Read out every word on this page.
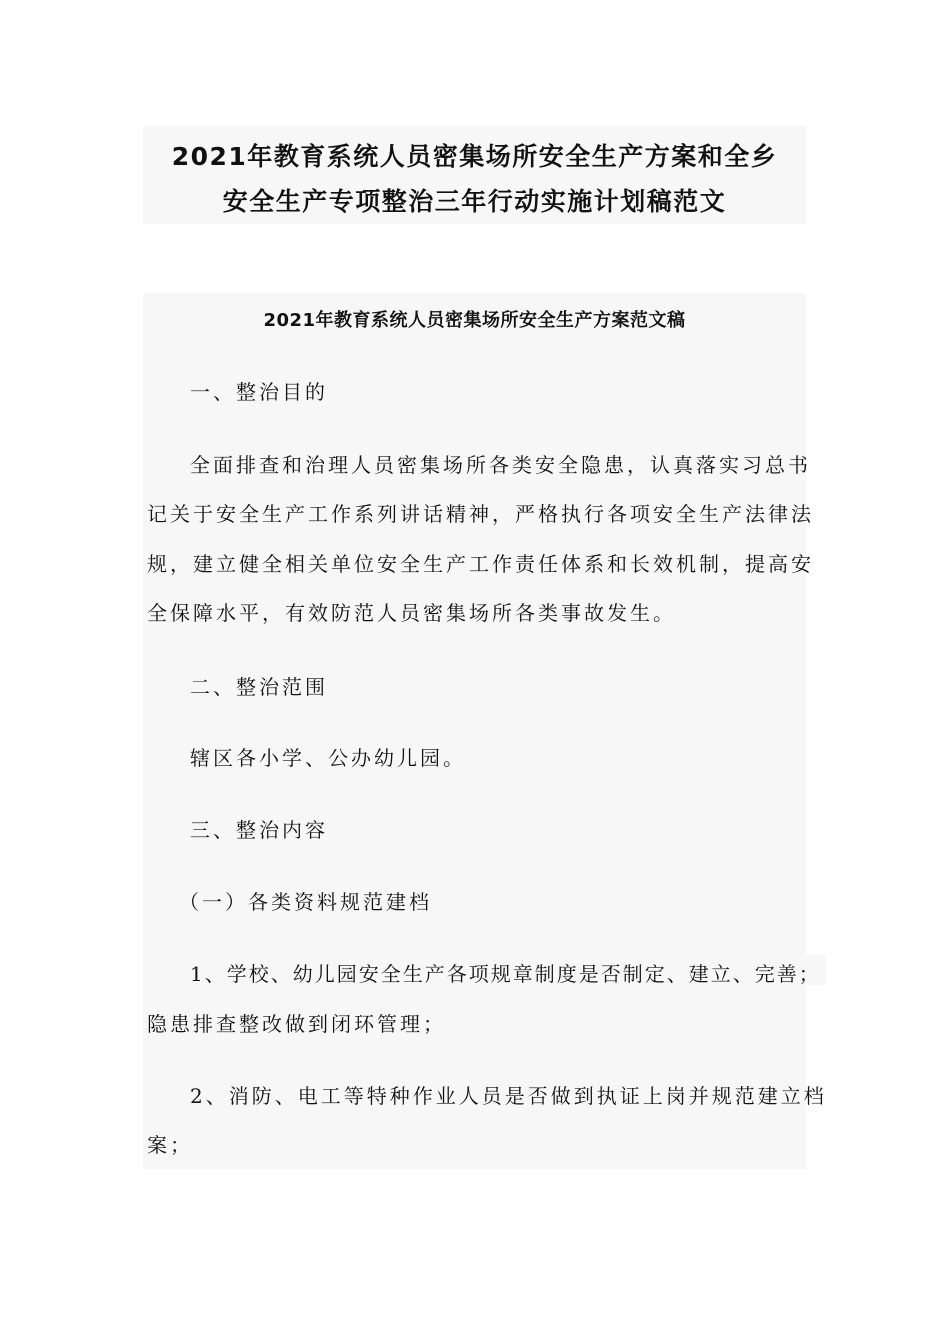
2021年教育系统人员密集场所安全生产方案和全乡
安全生产专项整治三年行动实施计划稿范文
2021年教育系统人员密集场所安全生产方案范文稿
一、整治目的
全面排查和治理人员密集场所各类安全隐患，认真落实习总书
记关于安全生产工作系列讲话精神，严格执行各项安全生产法律法
规，建立健全相关单位安全生产工作责任体系和长效机制，提高安
全保障水平，有效防范人员密集场所各类事故发生。
二、整治范围
辖区各小学、公办幼儿园。
三、整治内容
（一）各类资料规范建档
1、学校、幼儿园安全生产各项规章制度是否制定、建立、完善；
隐患排查整改做到闭环管理；
2、消防、电工等特种作业人员是否做到执证上岗并规范建立档
案；
